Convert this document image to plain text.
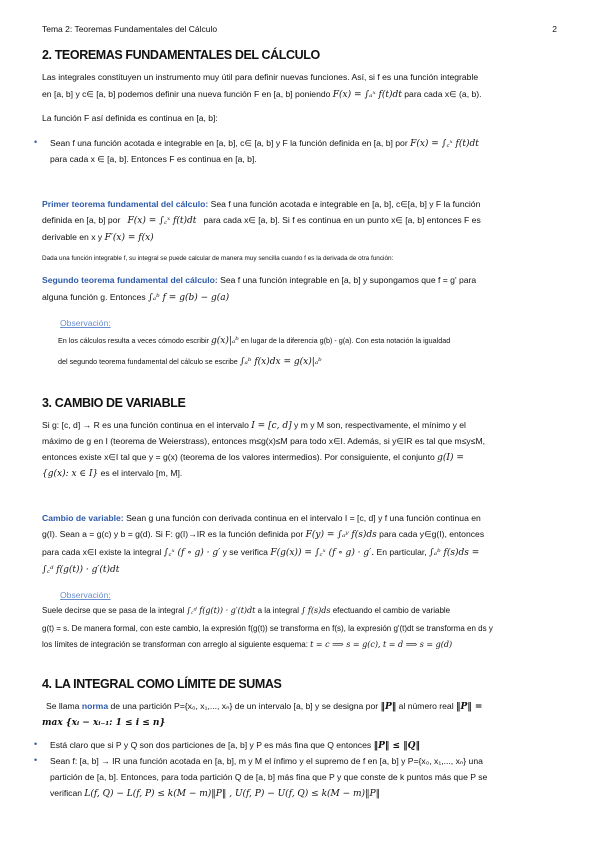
Tema 2: Teoremas Fundamentales del Cálculo	2
2. TEOREMAS FUNDAMENTALES DEL CÁLCULO
Las integrales constituyen un instrumento muy útil para definir nuevas funciones. Así, si f es una función integrable
en [a, b] y c∈ [a, b] podemos definir una nueva función F en [a, b] poniendo F(x) = ∫ₐˣ f(t)dt para cada x∈ (a, b).
La función F así definida es continua en [a, b]:
• Sean f una función acotada e integrable en [a, b], c∈ [a, b] y F la función definida en [a, b] por F(x) = ∫꜀ˣ f(t)dt
para cada x ∈ [a, b]. Entonces F es continua en [a, b].
Primer teorema fundamental del cálculo: Sea f una función acotada e integrable en [a, b], c∈[a, b] y F la función
definida en [a, b] por F(x) = ∫꜀ˣ f(t)dt para cada x∈ [a, b]. Si f es continua en un punto x∈ [a, b] entonces F es
derivable en x y F′(x) = f(x)
Dada una función integrable f, su integral se puede calcular de manera muy sencilla cuando f es la derivada de otra función:
Segundo teorema fundamental del cálculo: Sea f una función integrable en [a, b] y supongamos que f = g' para
alguna función g. Entonces ∫ₐᵇ f = g(b) − g(a)
Observación:
En los cálculos resulta a veces cómodo escribir g(x)|ₐᵇ en lugar de la diferencia g(b) - g(a). Con esta notación la igualdad
del segundo teorema fundamental del cálculo se escribe ∫ₐᵇ f(x)dx = g(x)|ₐᵇ
3. CAMBIO DE VARIABLE
Si g: [c, d] → R es una función continua en el intervalo I = [c, d] y m y M son, respectivamente, el mínimo y el
máximo de g en I (teorema de Weierstrass), entonces m≤g(x)≤M para todo x∈I. Además, si y∈IR es tal que m≤y≤M,
entonces existe x∈I tal que y = g(x) (teorema de los valores intermedios). Por consiguiente, el conjunto g(I) =
{g(x): x ∈ I} es el intervalo [m, M].
Cambio de variable: Sean g una función con derivada continua en el intervalo I = [c, d] y f una función continua en
g(I). Sean a = g(c) y b = g(d). Si F: g(I)→IR es la función definida por F(y) = ∫ₐʸ f(s)ds para cada y∈g(I), entonces
para cada x∈I existe la integral ∫꜀ˣ (f ∘ g) · g′ y se verifica F(g(x)) = ∫꜀ˣ (f ∘ g) · g′. En particular, ∫ₐᵇ f(s)ds =
∫꜀ᵈ f(g(t)) · g′(t)dt
Observación:
Suele decirse que se pasa de la integral ∫꜀ᵈ f(g(t)) · g′(t)dt a la integral ∫ f(s)ds efectuando el cambio de variable
g(t) = s. De manera formal, con este cambio, la expresión f(g(t)) se transforma en f(s), la expresión g'(t)dt se transforma en ds y
los límites de integración se transforman con arreglo al siguiente esquema: t = c ⟹ s = g(c), t = d ⟹ s = g(d)
4. LA INTEGRAL COMO LÍMITE DE SUMAS
Se llama norma de una partición P={x₀, x₁,..., xₙ} de un intervalo [a, b] y se designa por ‖P‖ al número real ‖P‖ =
max {xᵢ − xᵢ₋₁: 1 ≤ i ≤ n}
• Está claro que si P y Q son dos particiones de [a, b] y P es más fina que Q entonces ‖P‖ ≤ ‖Q‖
• Sean f: [a, b] → IR una función acotada en [a, b], m y M el ínfimo y el supremo de f en [a, b] y P={x₀, x₁,..., xₙ} una
partición de [a, b]. Entonces, para toda partición Q de [a, b] más fina que P y que conste de k puntos más que P se
verifican L(f, Q) − L(f, P) ≤ k(M − m)‖P‖ , U(f, P) − U(f, Q) ≤ k(M − m)‖P‖
